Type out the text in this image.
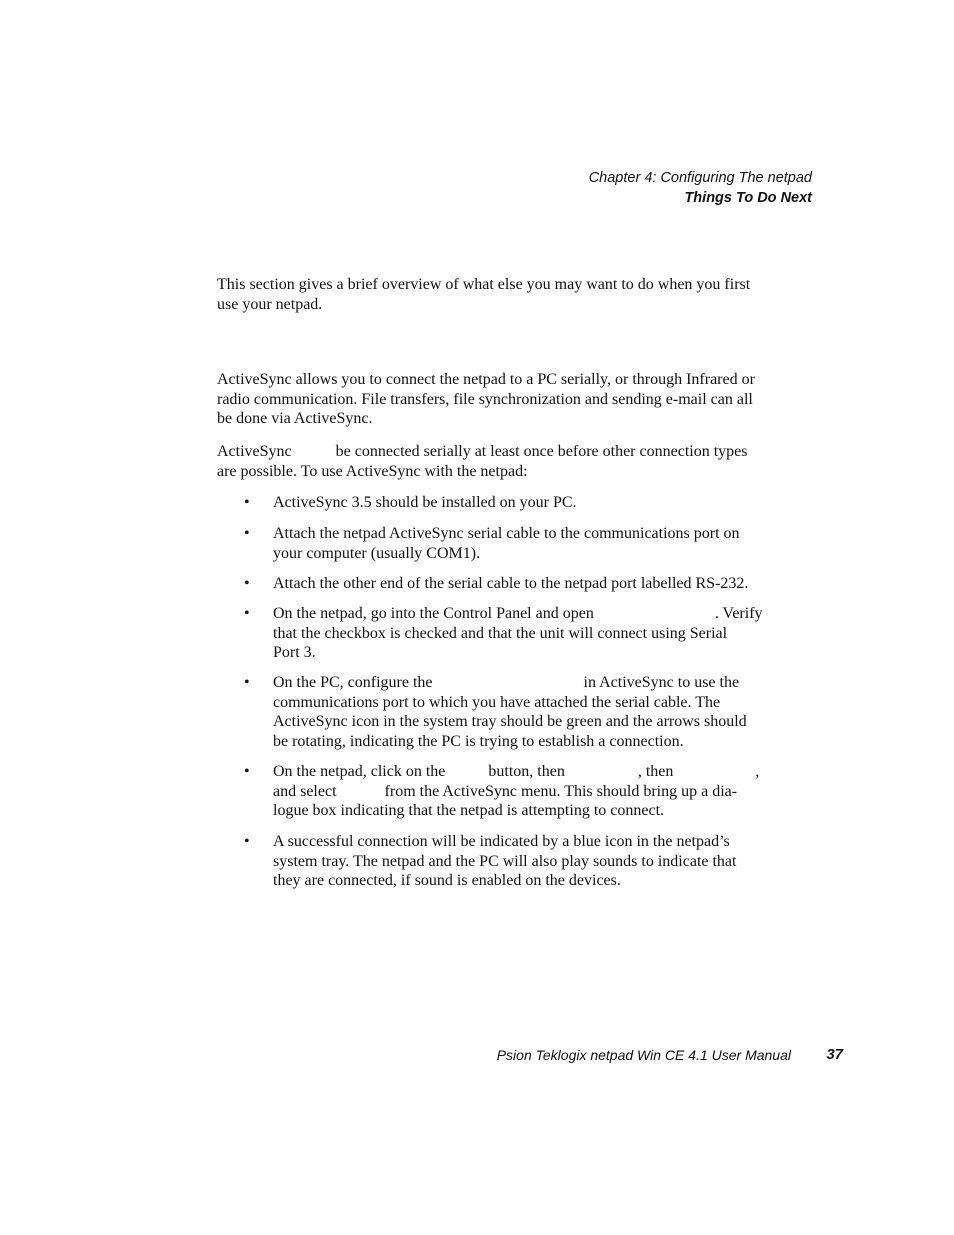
Chapter 4: Configuring The netpad
Things To Do Next
This section gives a brief overview of what else you may want to do when you first
use your netpad.
ActiveSync allows you to connect the netpad to a PC serially, or through Infrared or
radio communication. File transfers, file synchronization and sending e-mail can all
be done via ActiveSync.
ActiveSync	be connected serially at least once before other connection types
are possible. To use ActiveSync with the netpad:
• ActiveSync 3.5 should be installed on your PC.
• Attach the netpad ActiveSync serial cable to the communications port on
your computer (usually COM1).
• Attach the other end of the serial cable to the netpad port labelled RS-232.
• On the netpad, go into the Control Panel and open	. Verify
that the checkbox is checked and that the unit will connect using Serial
Port 3.
• On the PC, configure the	in ActiveSync to use the
communications port to which you have attached the serial cable. The
ActiveSync icon in the system tray should be green and the arrows should
be rotating, indicating the PC is trying to establish a connection.
• On the netpad, click on the	button, then	, then	,
and select	from the ActiveSync menu. This should bring up a dia-
logue box indicating that the netpad is attempting to connect.
• A successful connection will be indicated by a blue icon in the netpad’s
system tray. The netpad and the PC will also play sounds to indicate that
they are connected, if sound is enabled on the devices.
Psion Teklogix netpad Win CE 4.1 User Manual 37
